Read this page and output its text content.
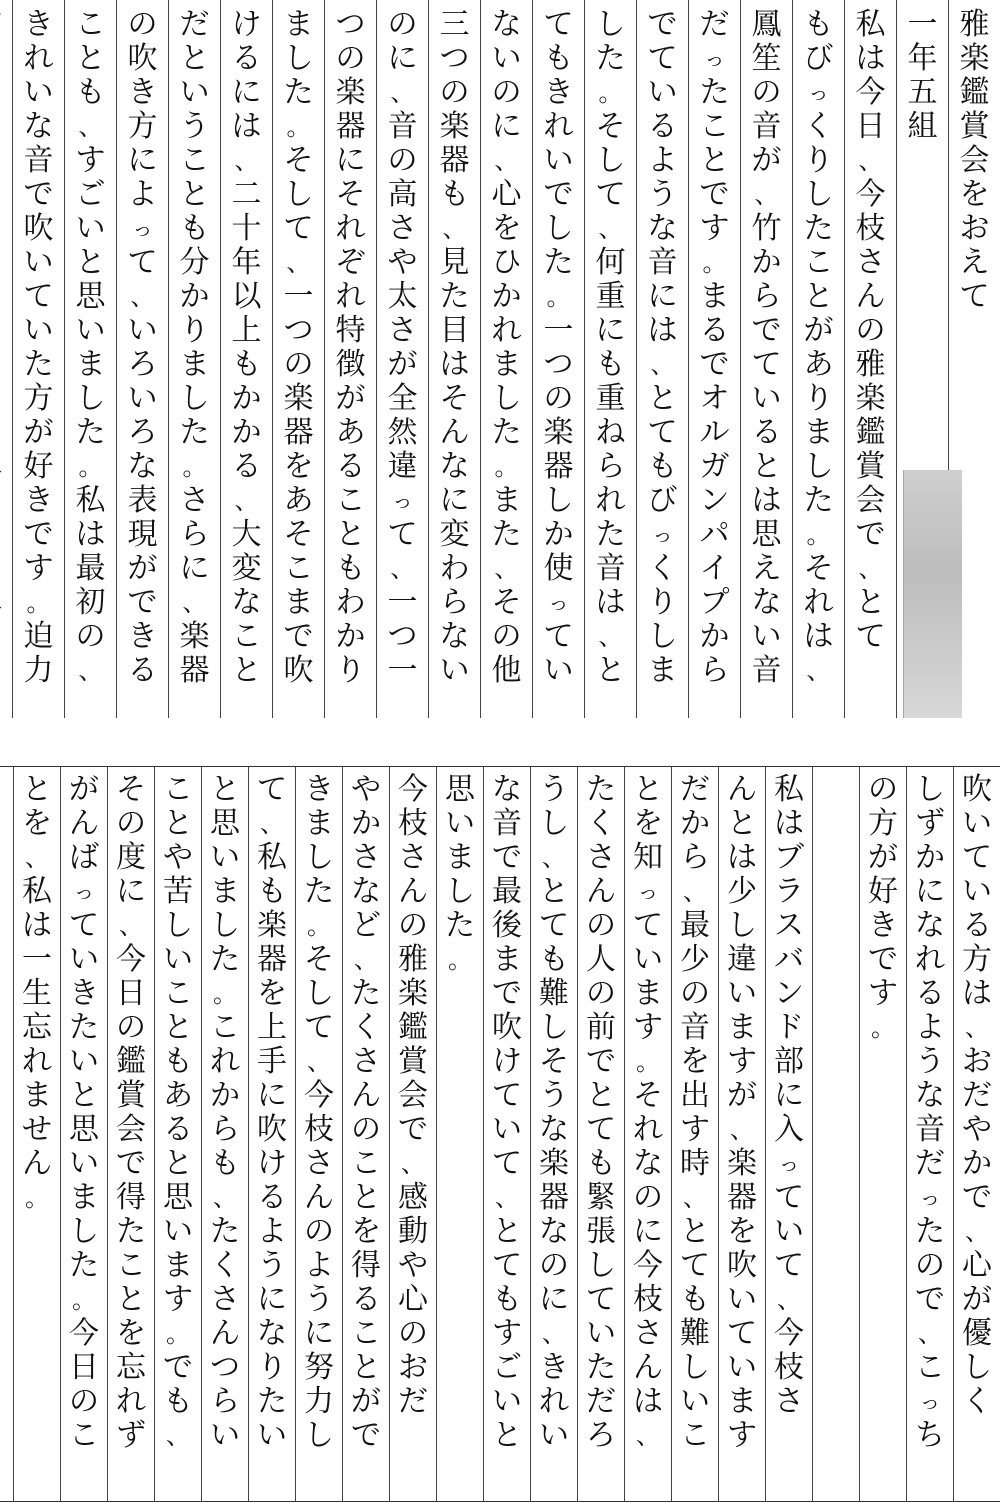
雅
楽
鑑
賞
会
を
お
え
て
一
年
五
組
私
は
今
日
、
今
枝
さ
ん
の
雅
楽
鑑
賞
会
で
、
と
て
も
び
っ
く
り
し
た
こ
と
が
あ
り
ま
し
た
。
そ
れ
は
、
鳳
笙
の
音
が
、
竹
か
ら
で
て
い
る
と
は
思
え
な
い
音
だ
っ
た
こ
と
で
す
。
ま
る
で
オ
ル
ガ
ン
パ
イ
プ
か
ら
で
て
い
る
よ
う
な
音
に
は
、
と
て
も
び
っ
く
り
し
ま
し
た
。
そ
し
て
、
何
重
に
も
重
ね
ら
れ
た
音
は
、
と
て
も
き
れ
い
で
し
た
。
一
つ
の
楽
器
し
か
使
っ
て
い
な
い
の
に
、
心
を
ひ
か
れ
ま
し
た
。
ま
た
、
そ
の
他
三
つ
の
楽
器
も
、
見
た
目
は
そ
ん
な
に
変
わ
ら
な
い
の
に
、
音
の
高
さ
や
太
さ
が
全
然
違
っ
て
、
一
つ
一
つ
の
楽
器
に
そ
れ
ぞ
れ
特
徴
が
あ
る
こ
と
も
わ
か
り
ま
し
た
。
そ
し
て
、
一
つ
の
楽
器
を
あ
そ
こ
ま
で
吹
け
る
に
は
、
二
十
年
以
上
も
か
か
る
、
大
変
な
こ
と
だ
と
い
う
こ
と
も
分
か
り
ま
し
た
。
さ
ら
に
、
楽
器
の
吹
き
方
に
よ
っ
て
、
い
ろ
い
ろ
な
表
現
が
で
き
る
こ
と
も
、
す
ご
い
と
思
い
ま
し
た
。
私
は
最
初
の
、
き
れ
い
な
音
で
吹
い
て
い
た
方
が
好
き
で
す
。
迫
力
吹
い
て
い
る
方
は
、
お
だ
や
か
で
、
心
が
優
し
く
し
ず
か
に
な
れ
る
よ
う
な
音
だ
っ
た
の
で
、
こ
っ
ち
の
方
が
好
き
で
す
。
私
は
ブ
ラ
ス
バ
ン
ド
部
に
入
っ
て
い
て
、
今
枝
さ
ん
と
は
少
し
違
い
ま
す
が
、
楽
器
を
吹
い
て
い
ま
す
だ
か
ら
、
最
少
の
音
を
出
す
時
、
と
て
も
難
し
い
こ
と
を
知
っ
て
い
ま
す
。
そ
れ
な
の
に
今
枝
さ
ん
は
、
た
く
さ
ん
の
人
の
前
で
と
て
も
緊
張
し
て
い
た
だ
ろ
う
し
、
と
て
も
難
し
そ
う
な
楽
器
な
の
に
、
き
れ
い
な
音
で
最
後
ま
で
吹
け
て
い
て
、
と
て
も
す
ご
い
と
思
い
ま
し
た
。
今
枝
さ
ん
の
雅
楽
鑑
賞
会
で
、
感
動
や
心
の
お
だ
や
か
さ
な
ど
、
た
く
さ
ん
の
こ
と
を
得
る
こ
と
が
で
き
ま
し
た
。
そ
し
て
、
今
枝
さ
ん
の
よ
う
に
努
力
し
て
、
私
も
楽
器
を
上
手
に
吹
け
る
よ
う
に
な
り
た
い
と
思
い
ま
し
た
。
こ
れ
か
ら
も
、
た
く
さ
ん
つ
ら
い
こ
と
や
苦
し
い
こ
と
も
あ
る
と
思
い
ま
す
。
で
も
、
そ
の
度
に
、
今
日
の
鑑
賞
会
で
得
た
こ
と
を
忘
れ
ず
が
ん
ば
っ
て
い
き
た
い
と
思
い
ま
し
た
。
今
日
の
こ
と
を
、
私
は
一
生
忘
れ
ま
せ
ん
。
